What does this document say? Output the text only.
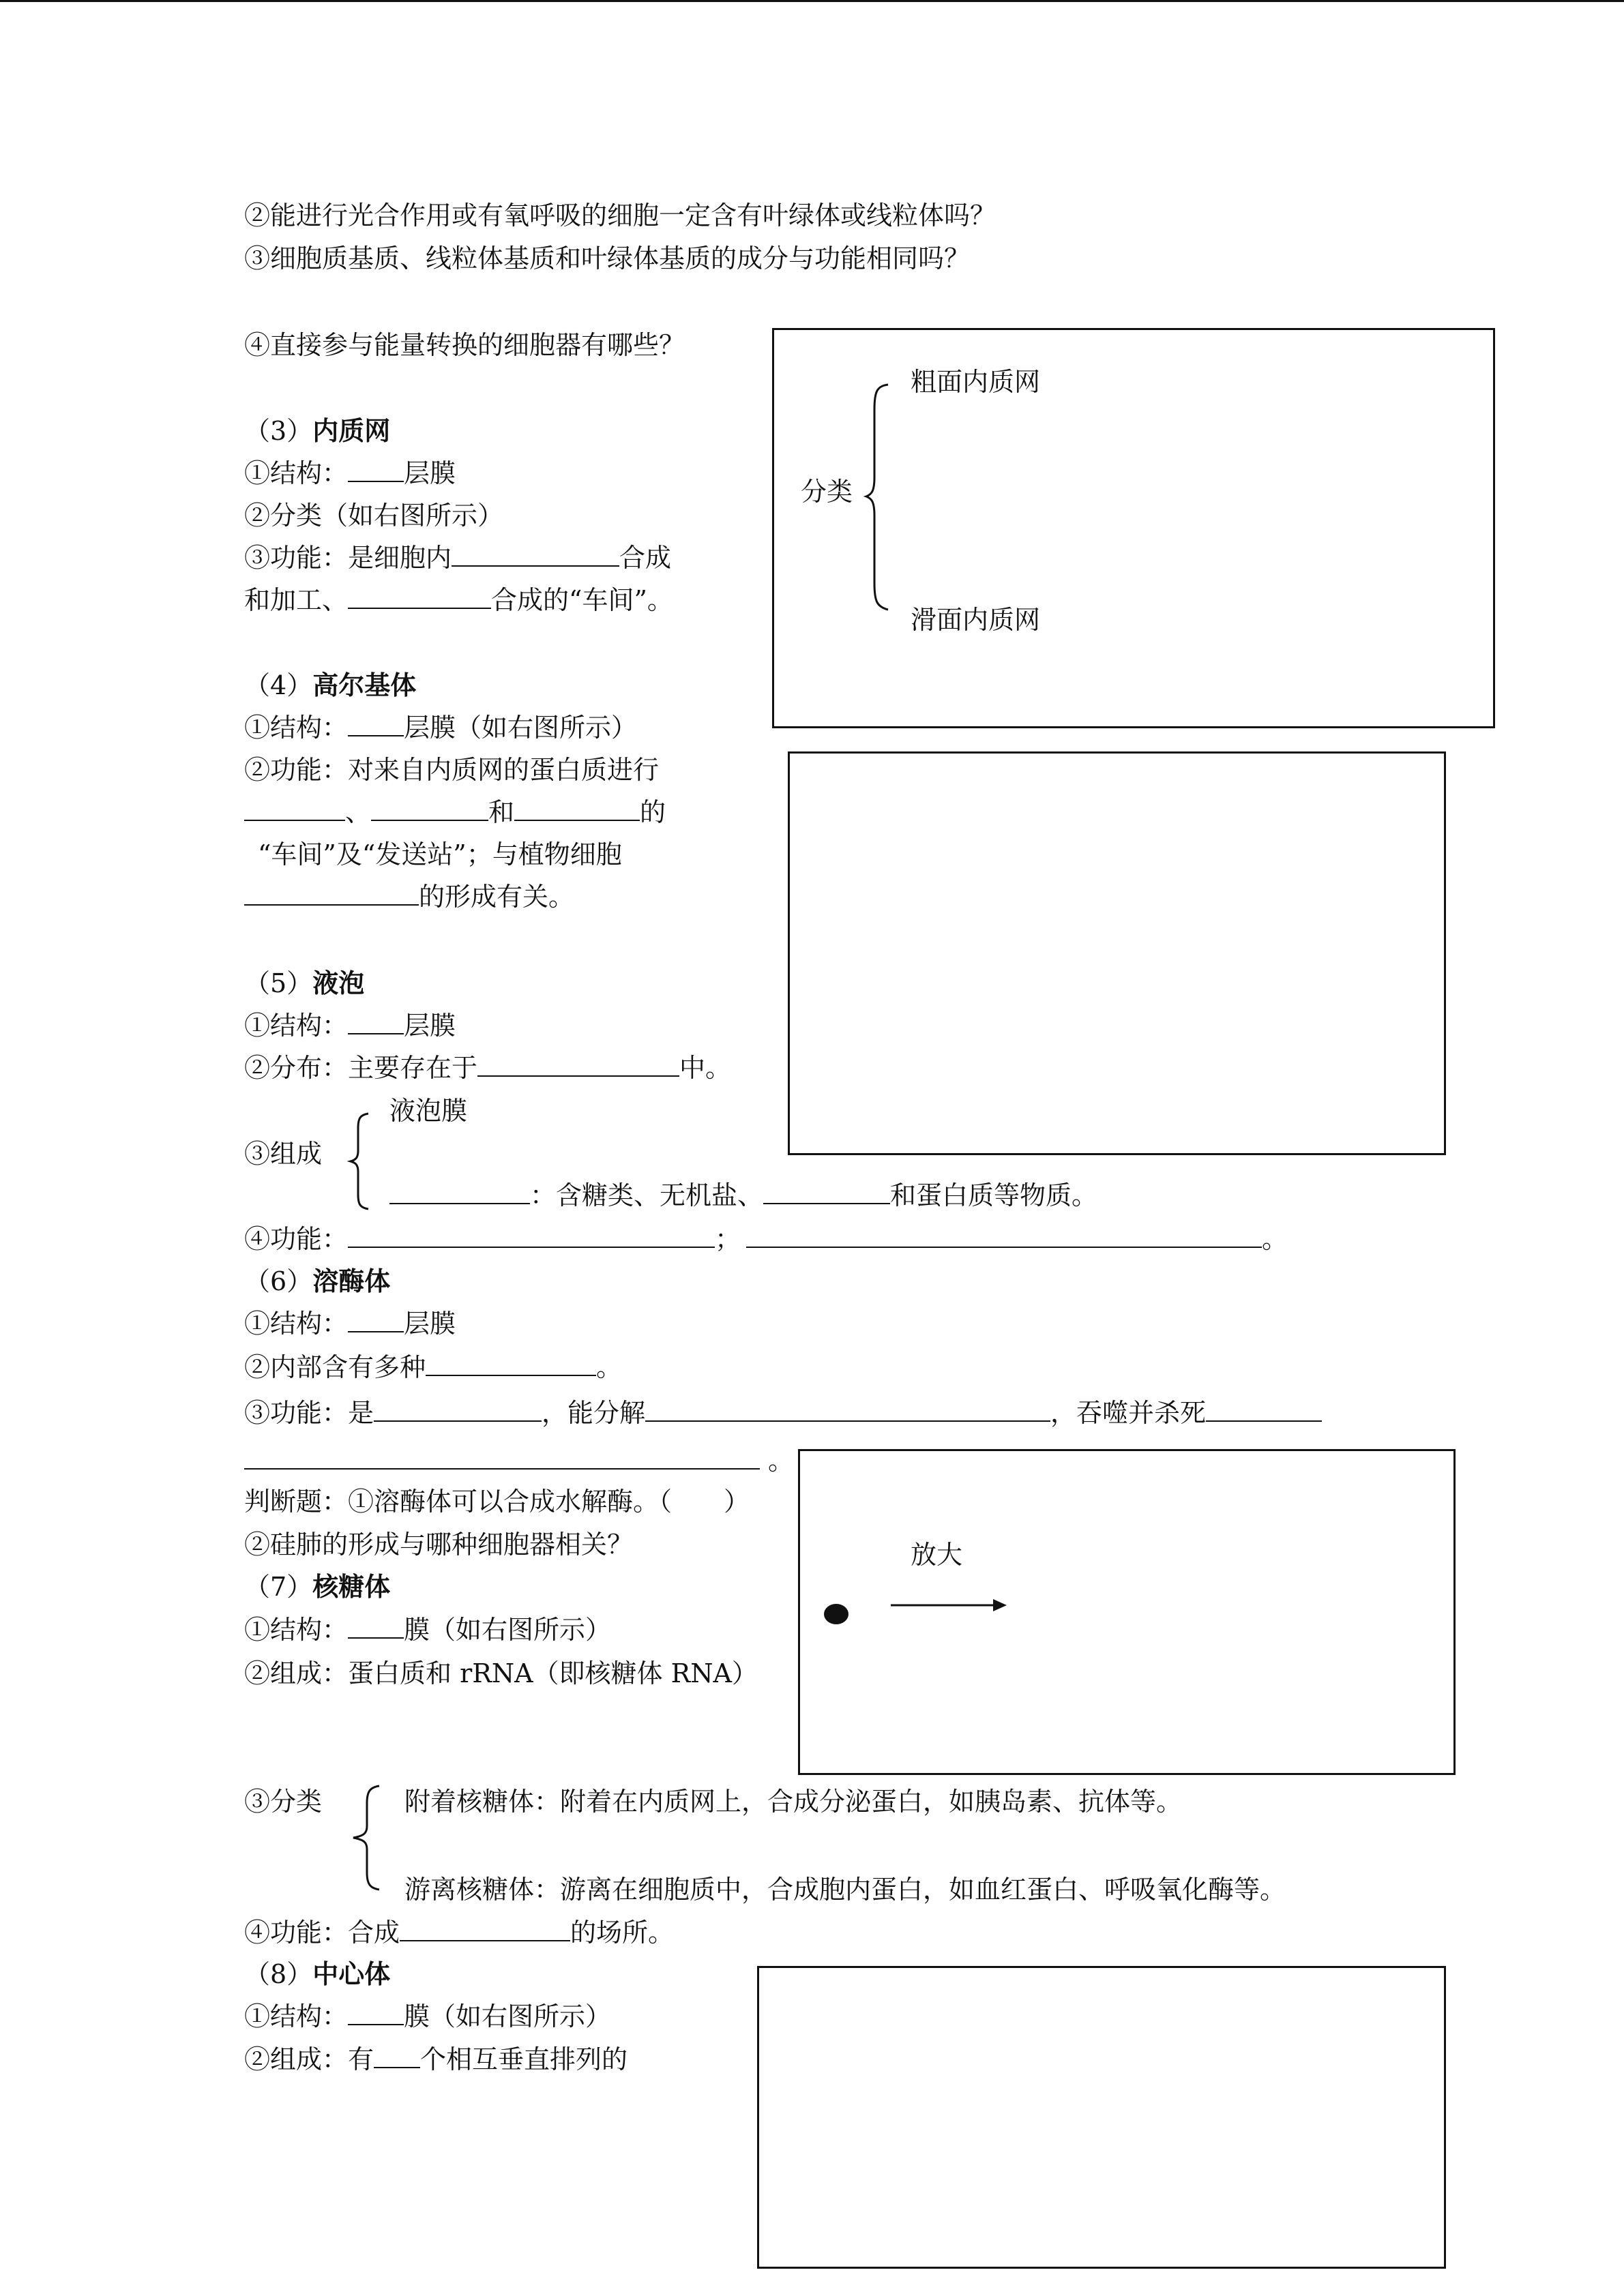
②能进行光合作用或有氧呼吸的细胞一定含有叶绿体或线粒体吗？
③细胞质基质、线粒体基质和叶绿体基质的成分与功能相同吗？
④直接参与能量转换的细胞器有哪些？
分类
粗面内质网
滑面内质网
（3）内质网
①结构： 层膜
②分类（如右图所示）
③功能：是细胞内	合成
和加工、	合成的“车间”。
（4）高尔基体
①结构： 层膜（如右图所示）
②功能：对来自内质网的蛋白质进行
、	和	的
“车间”及“发送站”；与植物细胞
的形成有关。
（5）液泡
①结构： 层膜
②分布：主要存在于	中。
③组成
液泡膜
：含糖类、无机盐、	和蛋白质等物质。
④功能：	；	。
（6）溶酶体
①结构： 层膜
②内部含有多种	。
③功能：是	，能分解	，吞噬并杀死
。
放大
判断题：①溶酶体可以合成水解酶。（　　）
②硅肺的形成与哪种细胞器相关？
（7）核糖体
①结构： 膜（如右图所示）
②组成：蛋白质和 rRNA（即核糖体 RNA）
③分类	附着核糖体：附着在内质网上，合成分泌蛋白，如胰岛素、抗体等。
游离核糖体：游离在细胞质中，合成胞内蛋白，如血红蛋白、呼吸氧化酶等。
④功能：合成	的场所。
（8）中心体
①结构： 膜（如右图所示）
②组成：有 个相互垂直排列的
